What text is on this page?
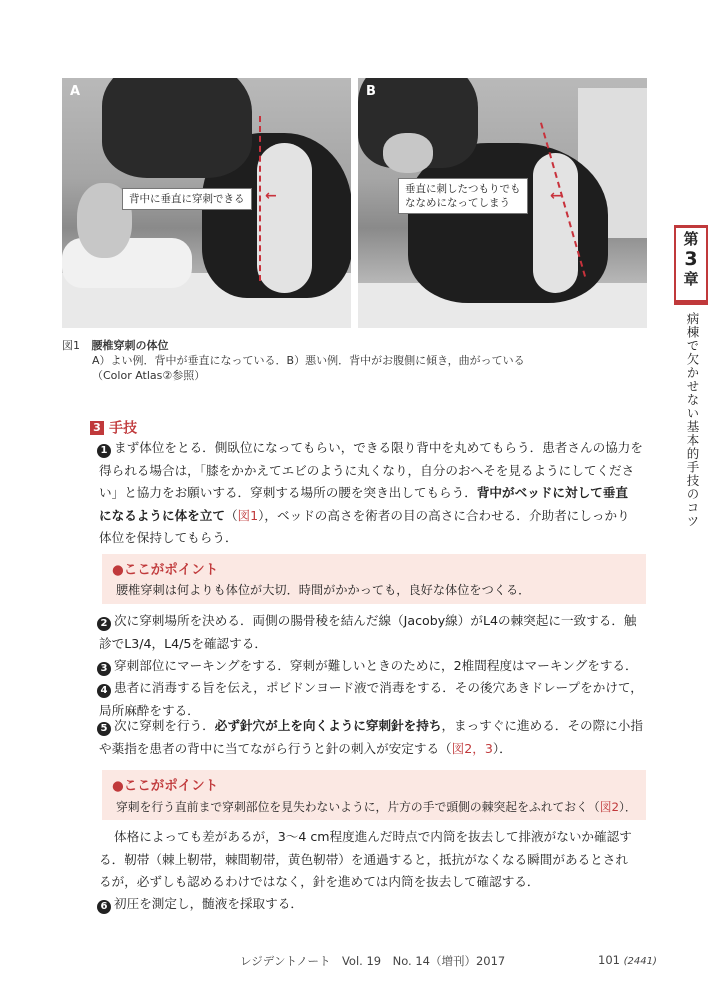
A
←
背中に垂直に穿刺できる
B
←
垂直に刺したつもりでも
ななめになってしまう
図1 腰椎穿刺の体位
A）よい例．背中が垂直になっている．B）悪い例．背中がお腹側に傾き，曲がっている
（Color Atlas②参照）
3 手技
1 まず体位をとる．側臥位になってもらい，できる限り背中を丸めてもらう．患者さんの協力を
得られる場合は，「膝をかかえてエビのように丸くなり，自分のおへそを見るようにしてくださ
い」と協力をお願いする．穿刺する場所の腰を突き出してもらう．背中がベッドに対して垂直
になるように体を立て（図1），ベッドの高さを術者の目の高さに合わせる．介助者にしっかり
体位を保持してもらう．
●ここがポイント
腰椎穿刺は何よりも体位が大切．時間がかかっても，良好な体位をつくる．
2 次に穿刺場所を決める．両側の腸骨稜を結んだ線（Jacoby線）がL4の棘突起に一致する．触
診でL3/4，L4/5を確認する．
3 穿刺部位にマーキングをする．穿刺が難しいときのために，2椎間程度はマーキングをする．
4 患者に消毒する旨を伝え，ポビドンヨード液で消毒をする．その後穴あきドレープをかけて，
局所麻酔をする．
5 次に穿刺を行う．必ず針穴が上を向くように穿刺針を持ち，まっすぐに進める．その際に小指
や薬指を患者の背中に当てながら行うと針の刺入が安定する（図2，3）．
●ここがポイント
穿刺を行う直前まで穿刺部位を見失わないように，片方の手で頭側の棘突起をふれておく（図2）．
体格によっても差があるが，3～4 cm程度進んだ時点で内筒を抜去して排液がないか確認す
る．靭帯（棘上靭帯，棘間靭帯，黄色靭帯）を通過すると，抵抗がなくなる瞬間があるとされ
るが，必ずしも認めるわけではなく，針を進めては内筒を抜去して確認する．
6 初圧を測定し，髄液を採取する．
第
3
章
病棟で欠かせない基本的手技のコツ
レジデントノート　Vol. 19　No. 14（増刊）2017	101 (2441)
